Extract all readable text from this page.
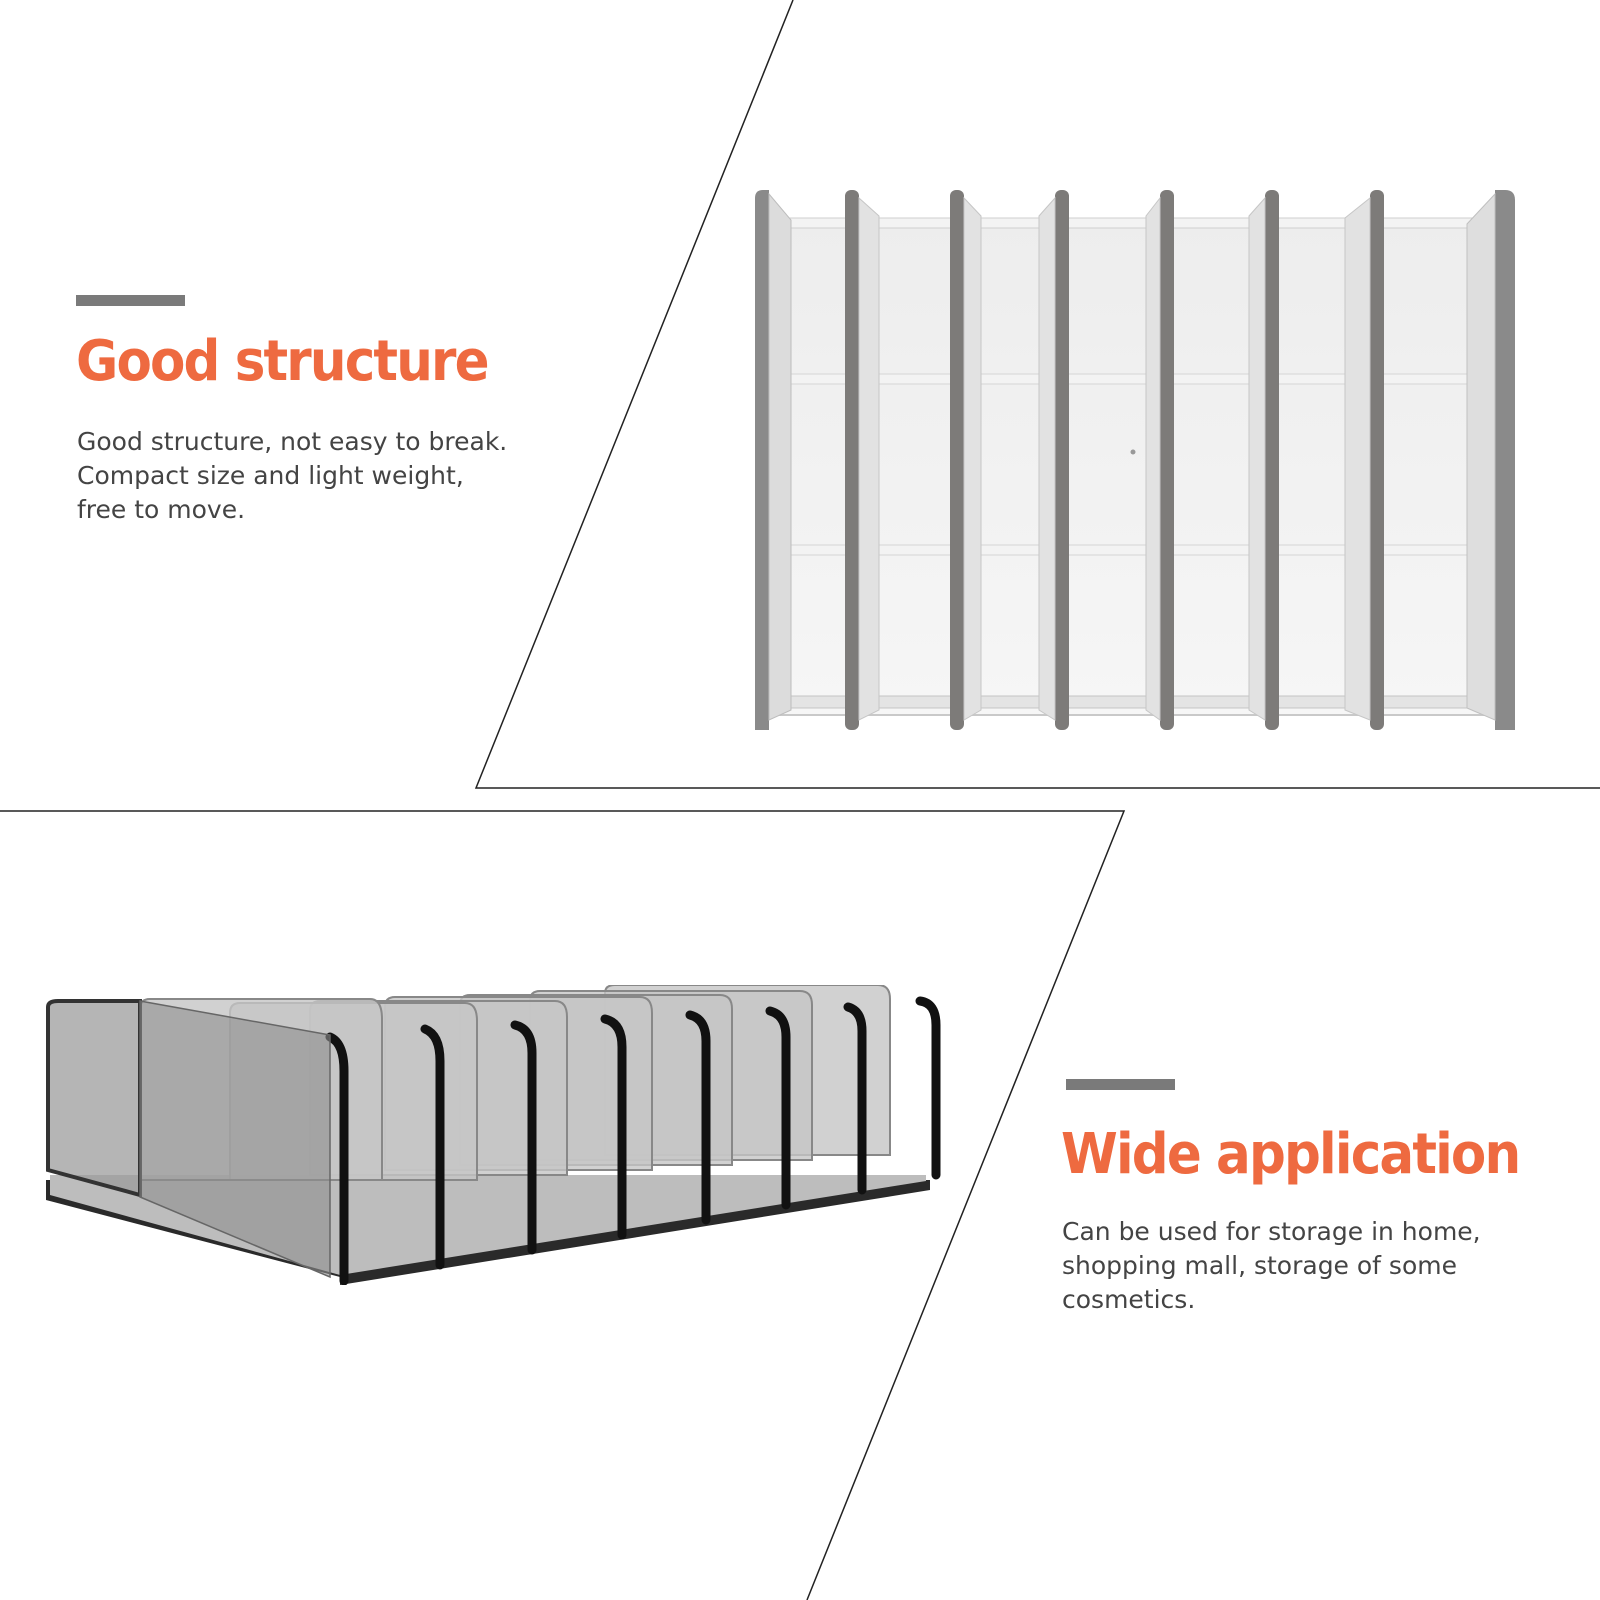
Good structure

Good structure, not easy to break.
Compact size and light weight,
free to move.

Wide application

Can be used for storage in home,
shopping mall, storage of some
cosmetics.
